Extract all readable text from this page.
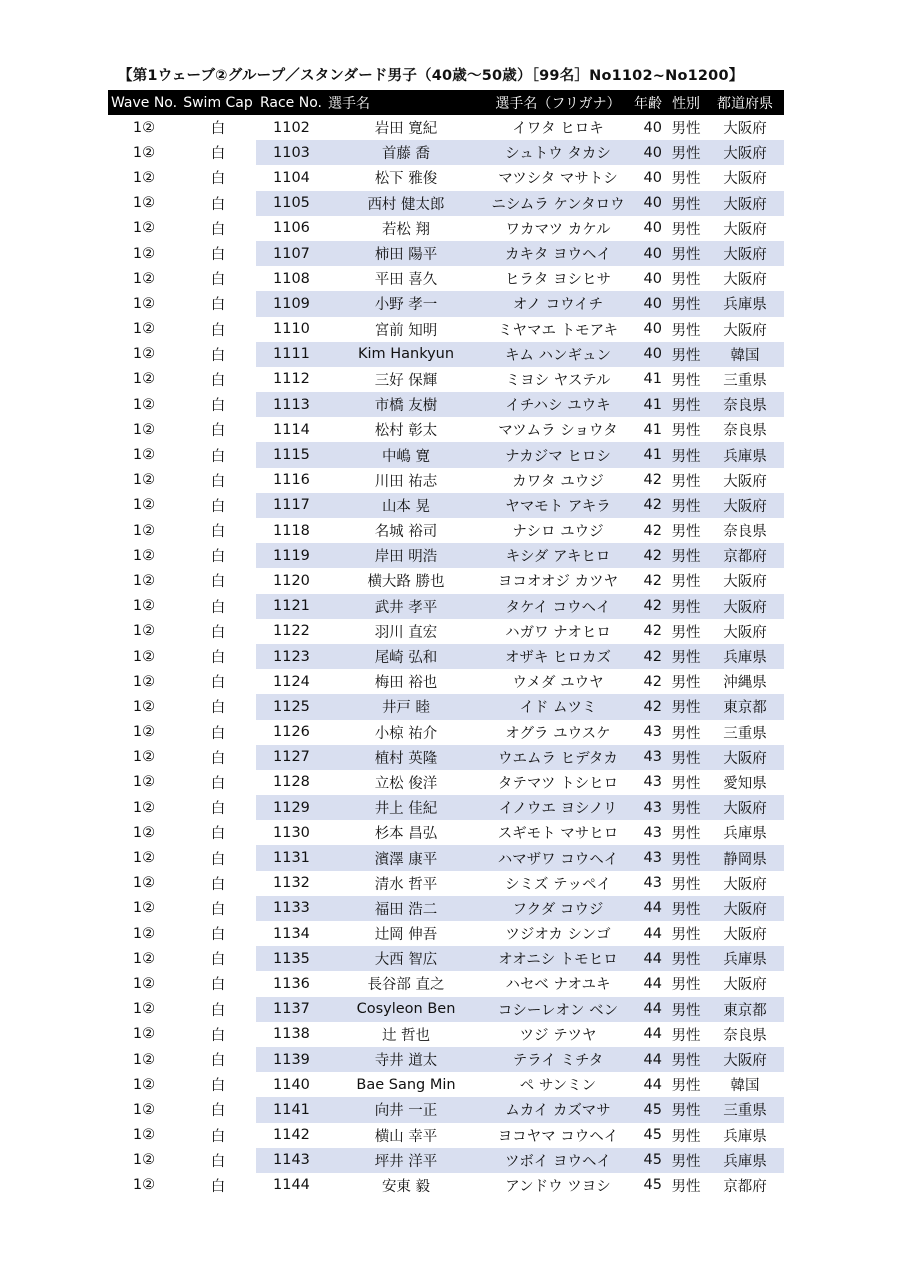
【第1ウェーブ②グループ／スタンダード男子（40歳～50歳）［99名］No1102~No1200】
Wave No.	Swim Cap	Race No.	選手名	選手名（フリガナ）	年齢	性別	都道府県
1②	白	1102	岩田 寛紀	イワタ ヒロキ	40	男性	大阪府
1②	白	1103	首藤 喬	シュトウ タカシ	40	男性	大阪府
1②	白	1104	松下 雅俊	マツシタ マサトシ	40	男性	大阪府
1②	白	1105	西村 健太郎	ニシムラ ケンタロウ	40	男性	大阪府
1②	白	1106	若松 翔	ワカマツ カケル	40	男性	大阪府
1②	白	1107	柿田 陽平	カキタ ヨウヘイ	40	男性	大阪府
1②	白	1108	平田 喜久	ヒラタ ヨシヒサ	40	男性	大阪府
1②	白	1109	小野 孝一	オノ コウイチ	40	男性	兵庫県
1②	白	1110	宮前 知明	ミヤマエ トモアキ	40	男性	大阪府
1②	白	1111	Kim Hankyun	キム ハンギュン	40	男性	韓国
1②	白	1112	三好 保輝	ミヨシ ヤステル	41	男性	三重県
1②	白	1113	市橋 友樹	イチハシ ユウキ	41	男性	奈良県
1②	白	1114	松村 彰太	マツムラ ショウタ	41	男性	奈良県
1②	白	1115	中嶋 寛	ナカジマ ヒロシ	41	男性	兵庫県
1②	白	1116	川田 祐志	カワタ ユウジ	42	男性	大阪府
1②	白	1117	山本 晃	ヤマモト アキラ	42	男性	大阪府
1②	白	1118	名城 裕司	ナシロ ユウジ	42	男性	奈良県
1②	白	1119	岸田 明浩	キシダ アキヒロ	42	男性	京都府
1②	白	1120	横大路 勝也	ヨコオオジ カツヤ	42	男性	大阪府
1②	白	1121	武井 孝平	タケイ コウヘイ	42	男性	大阪府
1②	白	1122	羽川 直宏	ハガワ ナオヒロ	42	男性	大阪府
1②	白	1123	尾崎 弘和	オザキ ヒロカズ	42	男性	兵庫県
1②	白	1124	梅田 裕也	ウメダ ユウヤ	42	男性	沖縄県
1②	白	1125	井戸 睦	イド ムツミ	42	男性	東京都
1②	白	1126	小椋 祐介	オグラ ユウスケ	43	男性	三重県
1②	白	1127	植村 英隆	ウエムラ ヒデタカ	43	男性	大阪府
1②	白	1128	立松 俊洋	タテマツ トシヒロ	43	男性	愛知県
1②	白	1129	井上 佳紀	イノウエ ヨシノリ	43	男性	大阪府
1②	白	1130	杉本 昌弘	スギモト マサヒロ	43	男性	兵庫県
1②	白	1131	濱澤 康平	ハマザワ コウヘイ	43	男性	静岡県
1②	白	1132	清水 哲平	シミズ テッペイ	43	男性	大阪府
1②	白	1133	福田 浩二	フクダ コウジ	44	男性	大阪府
1②	白	1134	辻岡 伸吾	ツジオカ シンゴ	44	男性	大阪府
1②	白	1135	大西 智広	オオニシ トモヒロ	44	男性	兵庫県
1②	白	1136	長谷部 直之	ハセベ ナオユキ	44	男性	大阪府
1②	白	1137	Cosyleon Ben	コシーレオン ベン	44	男性	東京都
1②	白	1138	辻 哲也	ツジ テツヤ	44	男性	奈良県
1②	白	1139	寺井 道太	テライ ミチタ	44	男性	大阪府
1②	白	1140	Bae Sang Min	ペ サンミン	44	男性	韓国
1②	白	1141	向井 一正	ムカイ カズマサ	45	男性	三重県
1②	白	1142	横山 幸平	ヨコヤマ コウヘイ	45	男性	兵庫県
1②	白	1143	坪井 洋平	ツボイ ヨウヘイ	45	男性	兵庫県
1②	白	1144	安東 毅	アンドウ ツヨシ	45	男性	京都府
